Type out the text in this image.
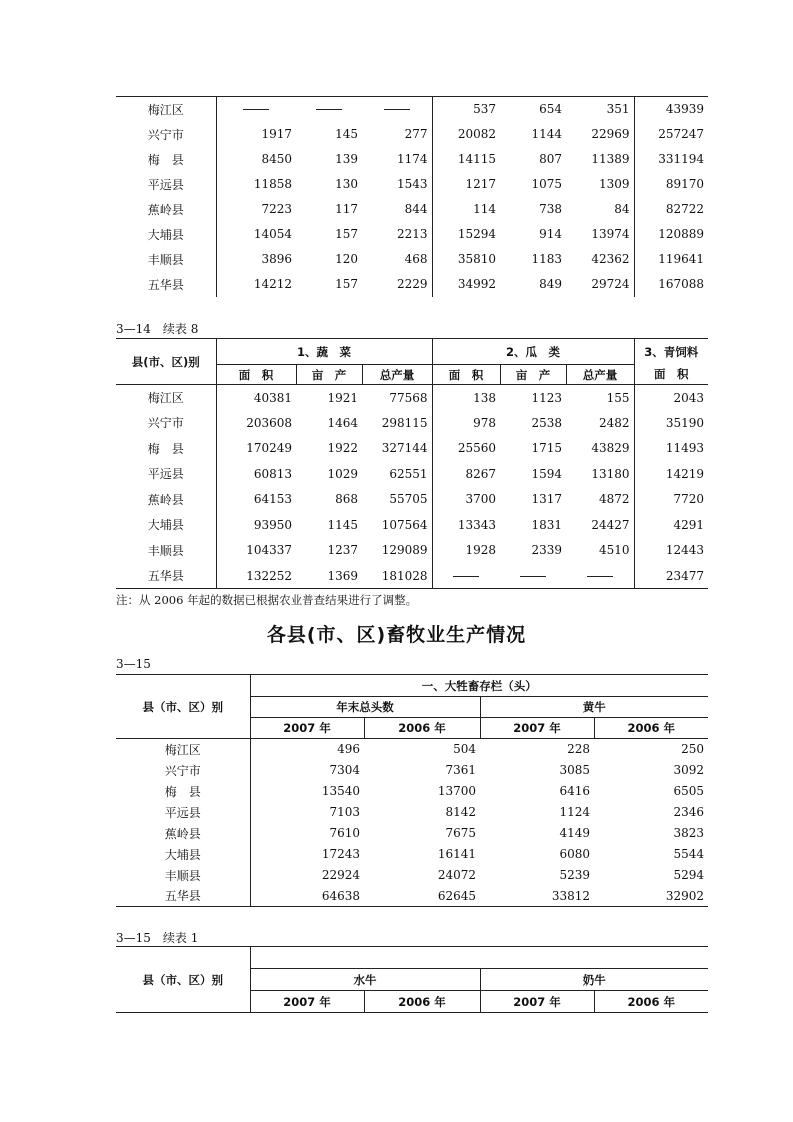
梅江区				537	654	351	43939
兴宁市	1917	145	277	20082	1144	22969	257247
梅　县	8450	139	1174	14115	807	11389	331194
平远县	11858	130	1543	1217	1075	1309	89170
蕉岭县	7223	117	844	114	738	84	82722
大埔县	14054	157	2213	15294	914	13974	120889
丰顺县	3896	120	468	35810	1183	42362	119641
五华县	14212	157	2229	34992	849	29724	167088
3—14　续表 8
县(市、区)别	1、蔬　菜			2、瓜　类			3、青饲料
	面　积	亩　产	总产量	面　积	亩　产	总产量	面　积
梅江区	40381	1921	77568	138	1123	155	2043
兴宁市	203608	1464	298115	978	2538	2482	35190
梅　县	170249	1922	327144	25560	1715	43829	11493
平远县	60813	1029	62551	8267	1594	13180	14219
蕉岭县	64153	868	55705	3700	1317	4872	7720
大埔县	93950	1145	107564	13343	1831	24427	4291
丰顺县	104337	1237	129089	1928	2339	4510	12443
五华县	132252	1369	181028				23477
注：从 2006 年起的数据已根据农业普查结果进行了调整。
各县(市、区)畜牧业生产情况
3—15
县（市、区）别	一、大牲畜存栏（头）			
	年末总头数		黄牛	
	2007 年	2006 年	2007 年	2006 年
梅江区	496	504	228	250
兴宁市	7304	7361	3085	3092
梅　县	13540	13700	6416	6505
平远县	7103	8142	1124	2346
蕉岭县	7610	7675	4149	3823
大埔县	17243	16141	6080	5544
丰顺县	22924	24072	5239	5294
五华县	64638	62645	33812	32902
3—15　续表 1
县（市、区）别				
	水牛		奶牛	
	2007 年	2006 年	2007 年	2006 年
